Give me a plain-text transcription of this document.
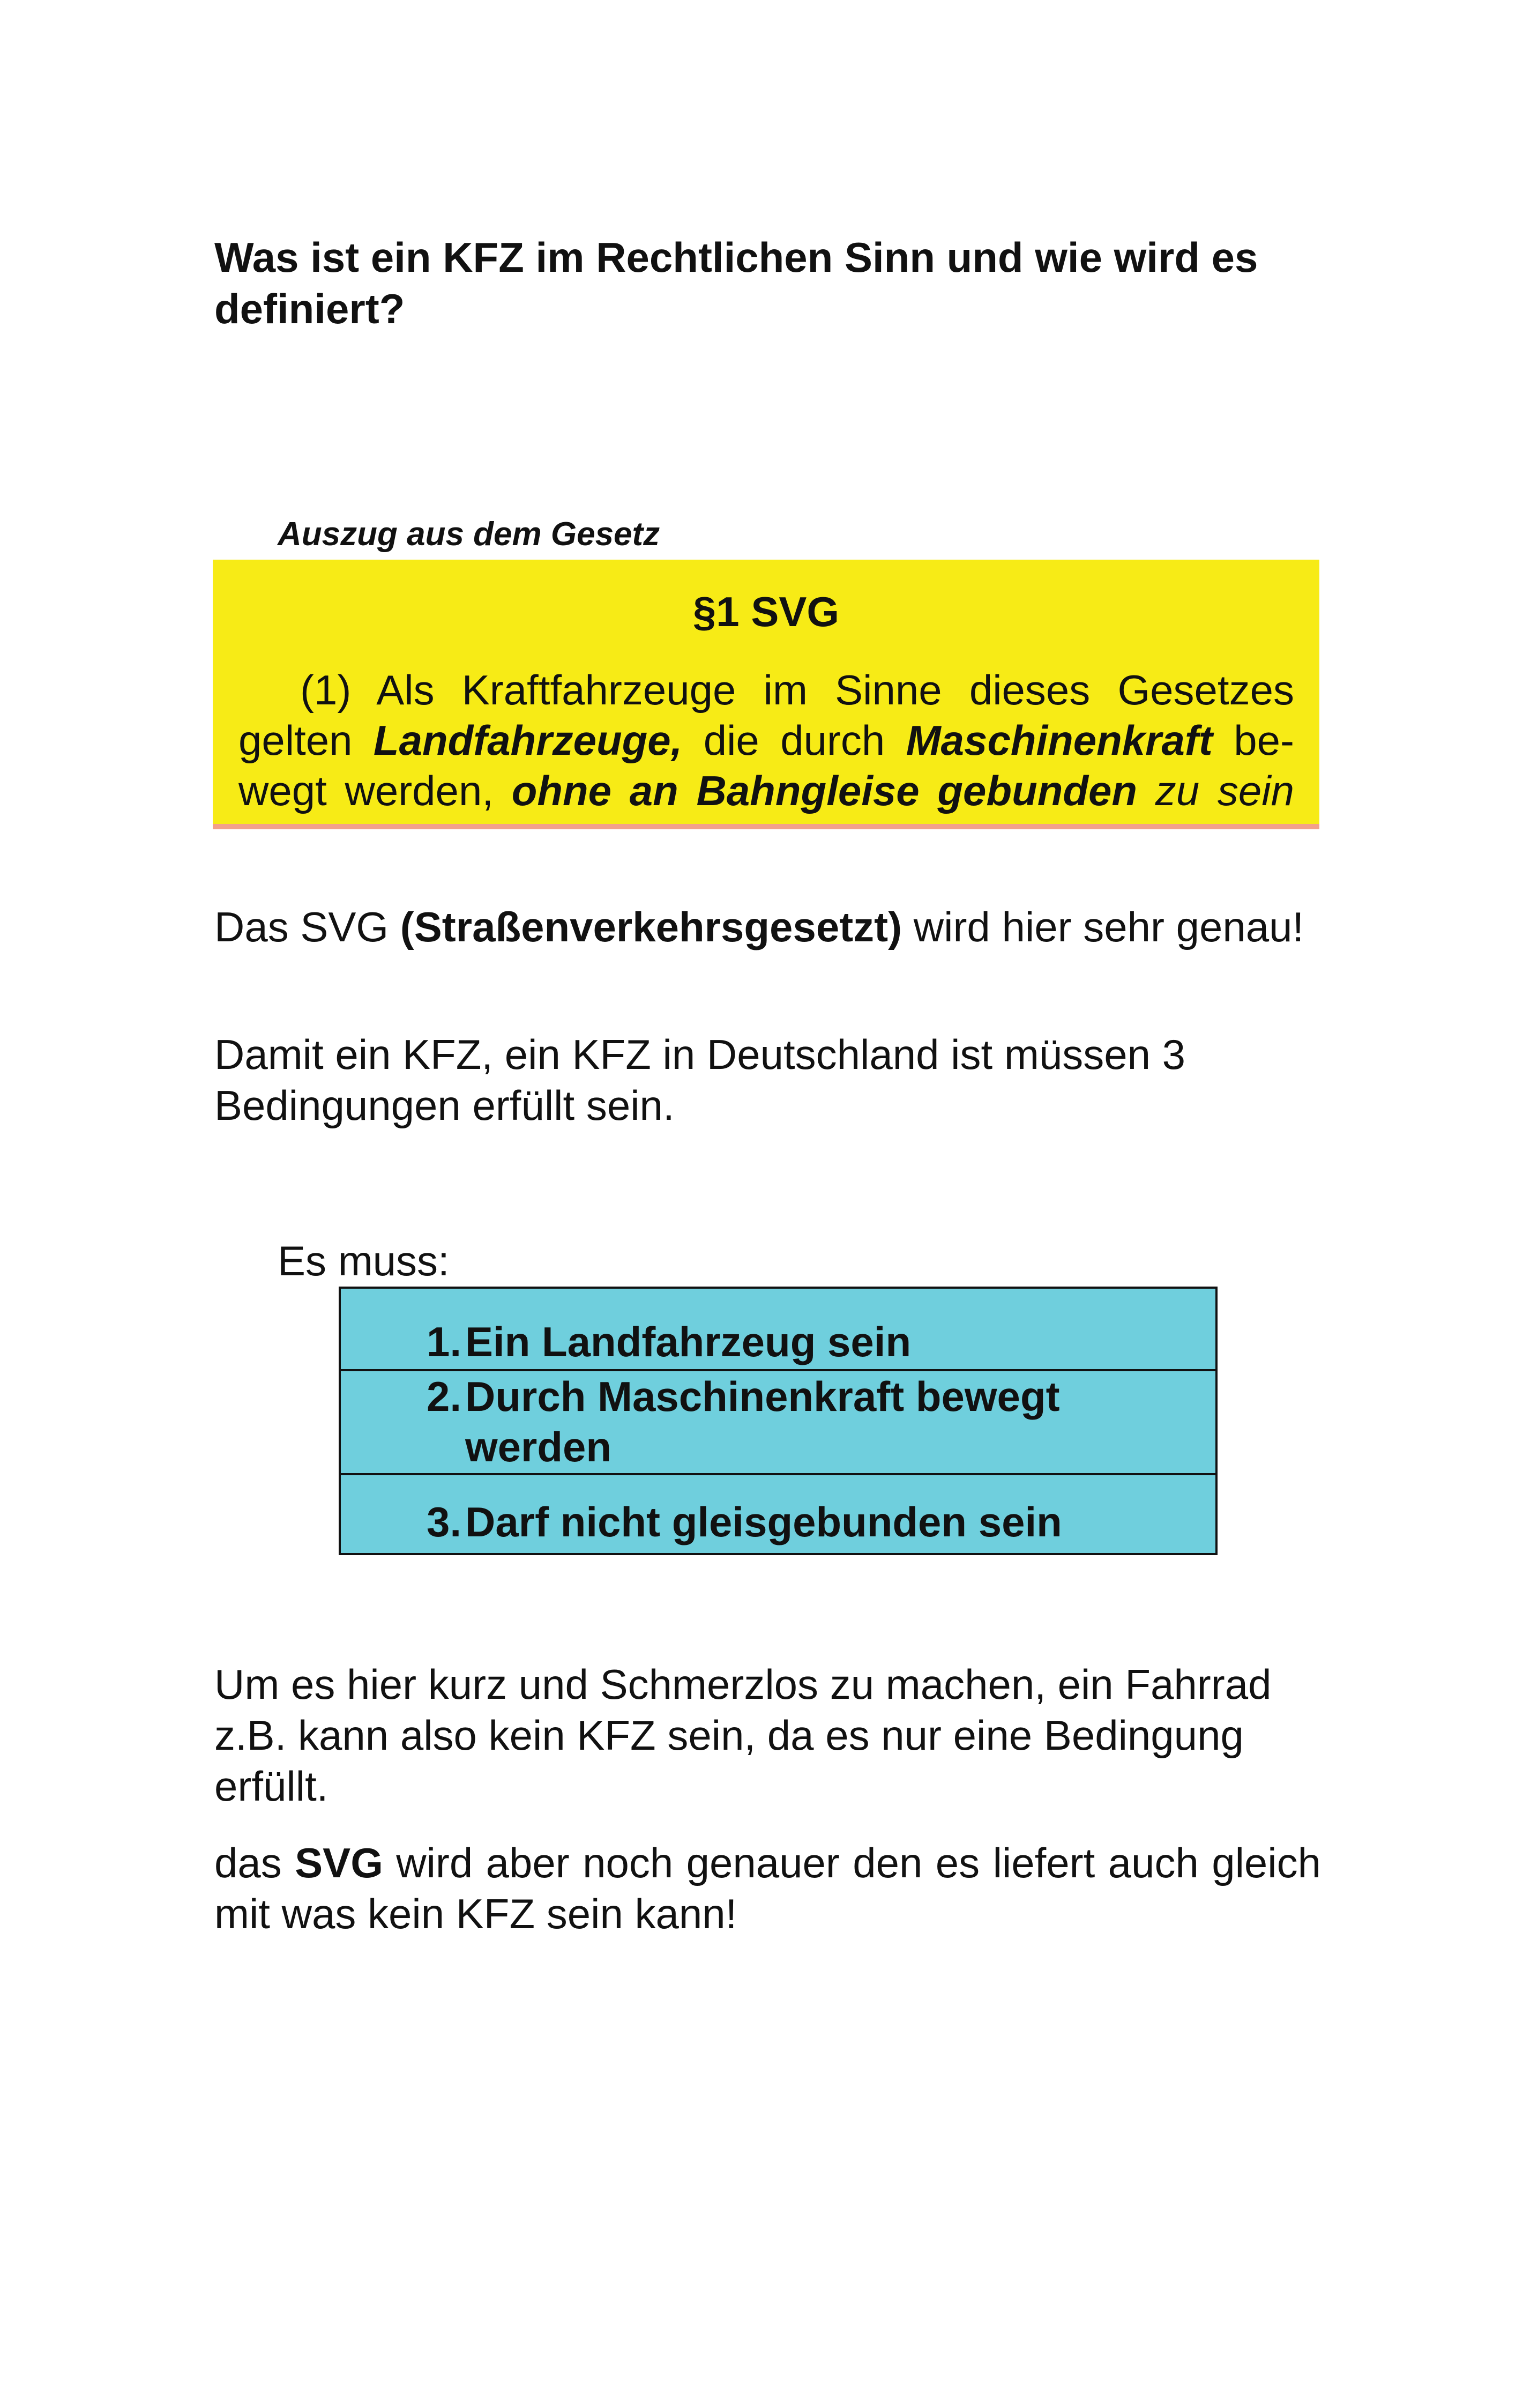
Was ist ein KFZ im Rechtlichen Sinn und wie wird es definiert?
Auszug aus dem Gesetz
§1 SVG
(1) Als Kraftfahrzeuge im Sinne dieses Gesetzes
gelten Landfahrzeuge, die durch Maschinenkraft be-
wegt werden, ohne an Bahngleise gebunden zu sein
Das SVG (Straßenverkehrsgesetzt) wird hier sehr genau!
Damit ein KFZ, ein KFZ in Deutschland ist müssen 3 Bedingungen erfüllt sein.
Es muss:
1. Ein Landfahrzeug sein
2. Durch Maschinenkraft bewegt werden
3. Darf nicht gleisgebunden sein
Um es hier kurz und Schmerzlos zu machen, ein Fahrrad z.B. kann also kein KFZ sein, da es nur eine Bedingung erfüllt.
das SVG wird aber noch genauer den es liefert auch gleich mit was kein KFZ sein kann!
